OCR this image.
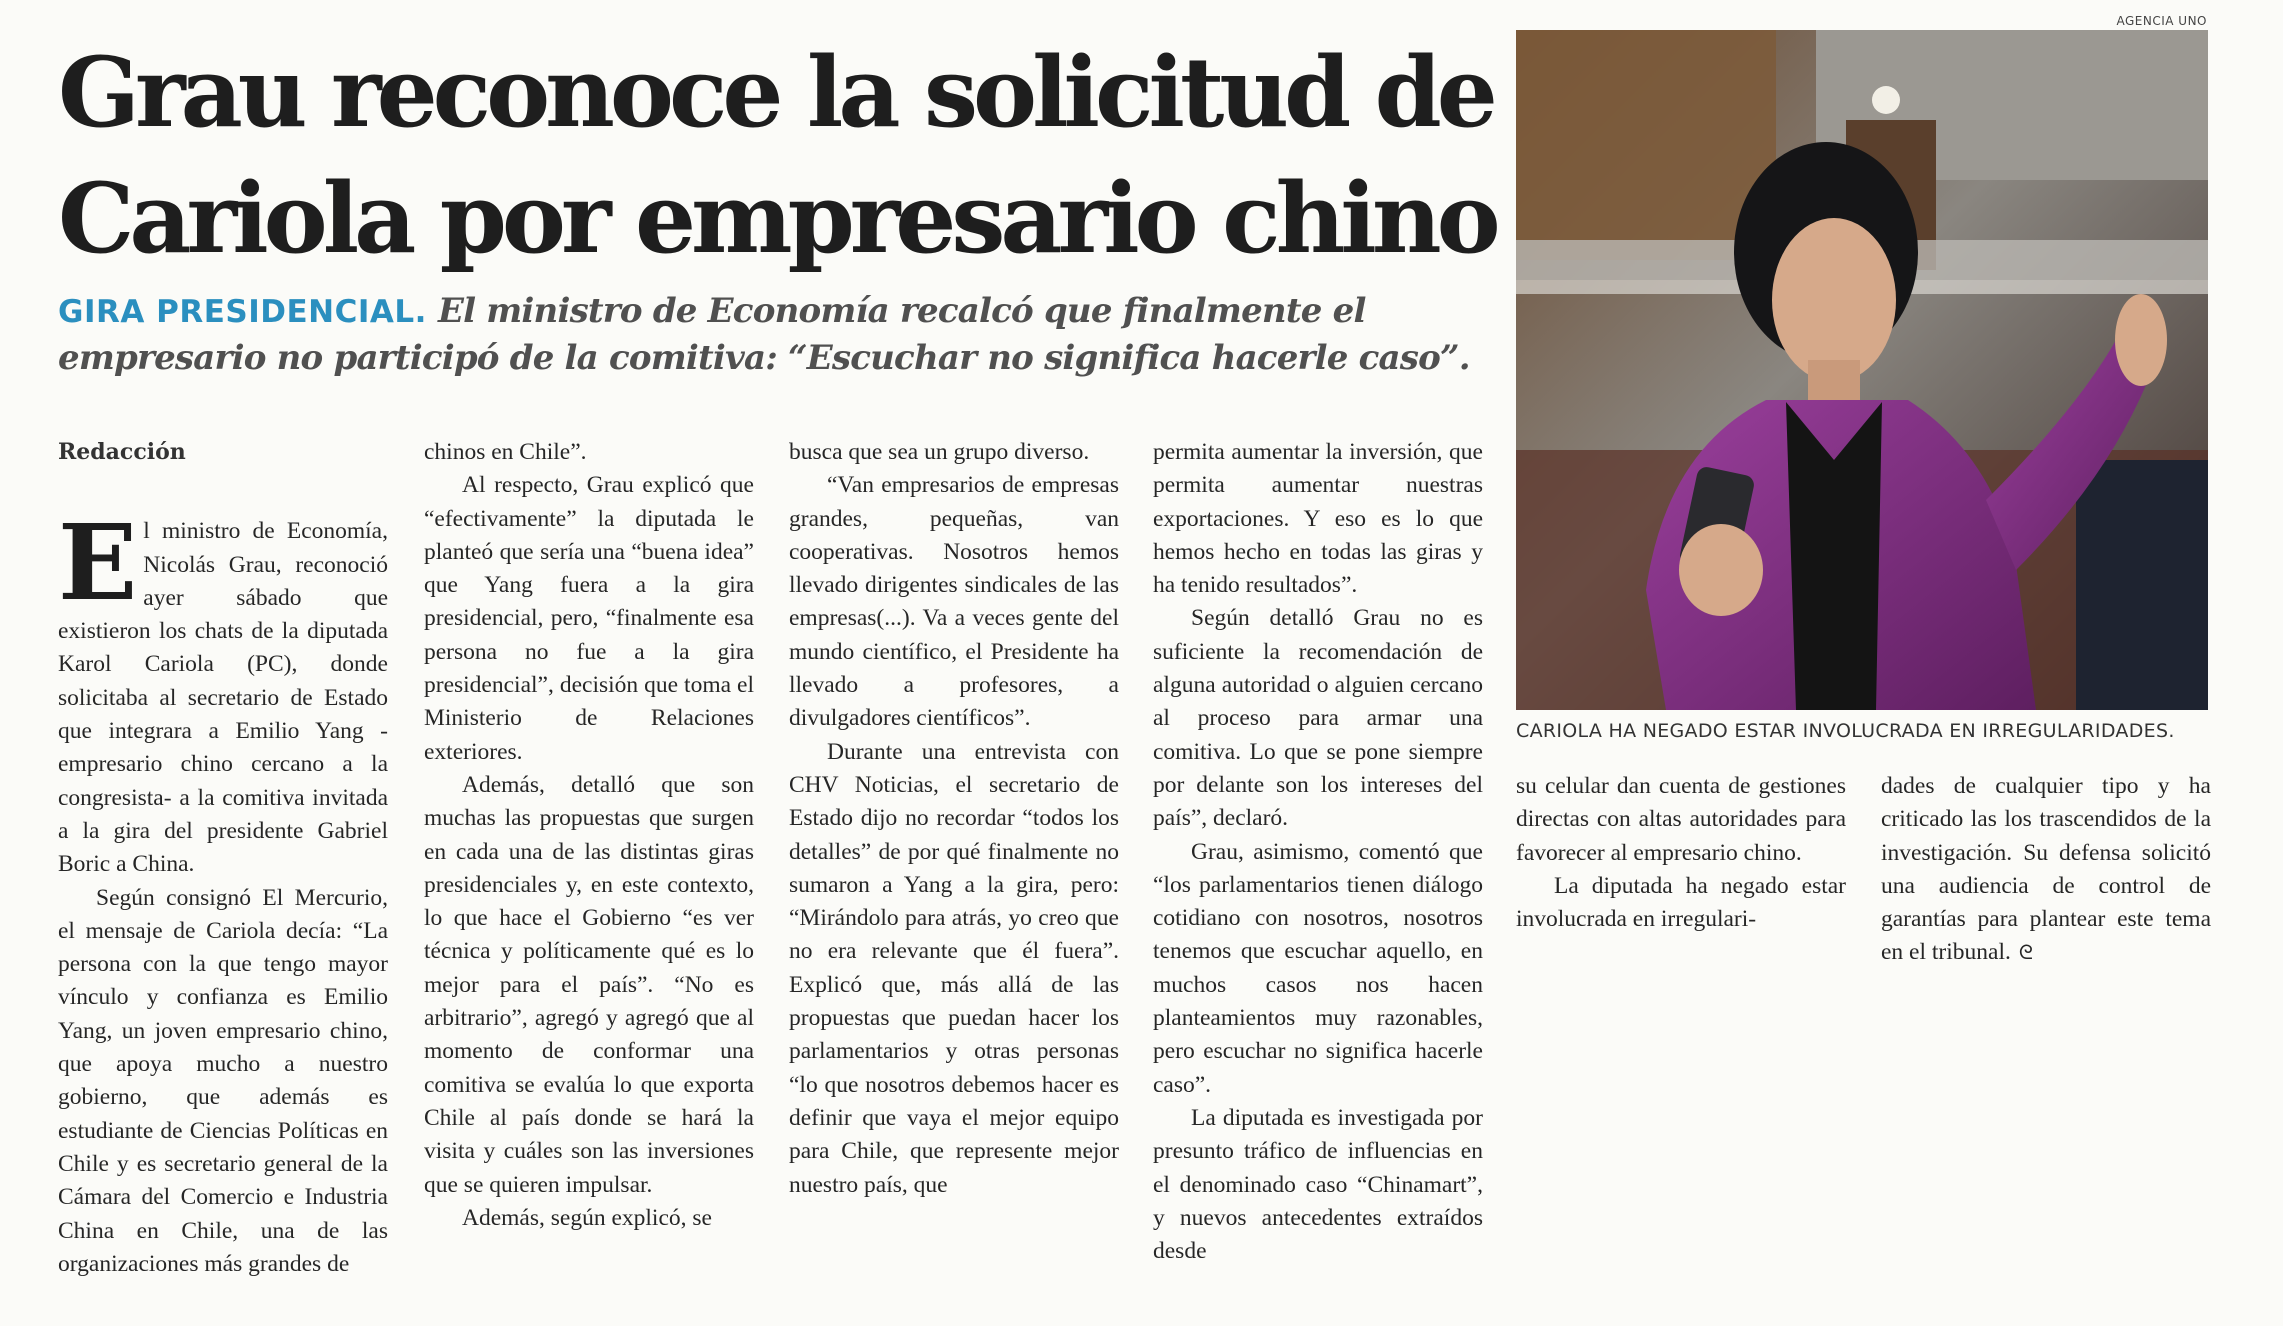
Grau reconoce la solicitud de
Cariola por empresario chino

GIRA PRESIDENCIAL. El ministro de Economía recalcó que finalmente el empresario no participó de la comitiva: “Escuchar no significa hacerle caso”.

AGENCIA UNO
CARIOLA HA NEGADO ESTAR INVOLUCRADA EN IRREGULARIDADES.

Redacción

El ministro de Economía, Nicolás Grau, reconoció ayer sábado que existieron los chats de la diputada Karol Cariola (PC), donde solicitaba al secretario de Estado que integrara a Emilio Yang -empresario chino cercano a la congresista- a la comitiva invitada a la gira del presidente Gabriel Boric a China.

Según consignó El Mercurio, el mensaje de Cariola decía: “La persona con la que tengo mayor vínculo y confianza es Emilio Yang, un joven empresario chino, que apoya mucho a nuestro gobierno, que además es estudiante de Ciencias Políticas en Chile y es secretario general de la Cámara del Comercio e Industria China en Chile, una de las organizaciones más grandes de

chinos en Chile”.

Al respecto, Grau explicó que “efectivamente” la diputada le planteó que sería una “buena idea” que Yang fuera a la gira presidencial, pero, “finalmente esa persona no fue a la gira presidencial”, decisión que toma el Ministerio de Relaciones exteriores.

Además, detalló que son muchas las propuestas que surgen en cada una de las distintas giras presidenciales y, en este contexto, lo que hace el Gobierno “es ver técnica y políticamente qué es lo mejor para el país”. “No es arbitrario”, agregó y agregó que al momento de conformar una comitiva se evalúa lo que exporta Chile al país donde se hará la visita y cuáles son las inversiones que se quieren impulsar.

Además, según explicó, se

busca que sea un grupo diverso.

“Van empresarios de empresas grandes, pequeñas, van cooperativas. Nosotros hemos llevado dirigentes sindicales de las empresas(...). Va a veces gente del mundo científico, el Presidente ha llevado a profesores, a divulgadores científicos”.

Durante una entrevista con CHV Noticias, el secretario de Estado dijo no recordar “todos los detalles” de por qué finalmente no sumaron a Yang a la gira, pero: “Mirándolo para atrás, yo creo que no era relevante que él fuera”. Explicó que, más allá de las propuestas que puedan hacer los parlamentarios y otras personas “lo que nosotros debemos hacer es definir que vaya el mejor equipo para Chile, que represente mejor nuestro país, que

permita aumentar la inversión, que permita aumentar nuestras exportaciones. Y eso es lo que hemos hecho en todas las giras y ha tenido resultados”.

Según detalló Grau no es suficiente la recomendación de alguna autoridad o alguien cercano al proceso para armar una comitiva. Lo que se pone siempre por delante son los intereses del país”, declaró.

Grau, asimismo, comentó que “los parlamentarios tienen diálogo cotidiano con nosotros, nosotros tenemos que escuchar aquello, en muchos casos nos hacen planteamientos muy razonables, pero escuchar no significa hacerle caso”.

La diputada es investigada por presunto tráfico de influencias en el denominado caso “Chinamart”, y nuevos antecedentes extraídos desde

su celular dan cuenta de gestiones directas con altas autoridades para favorecer al empresario chino.

La diputada ha negado estar involucrada en irregulari-

dades de cualquier tipo y ha criticado las los trascendidos de la investigación. Su defensa solicitó una audiencia de control de garantías para plantear este tema en el tribunal. ᘓ
